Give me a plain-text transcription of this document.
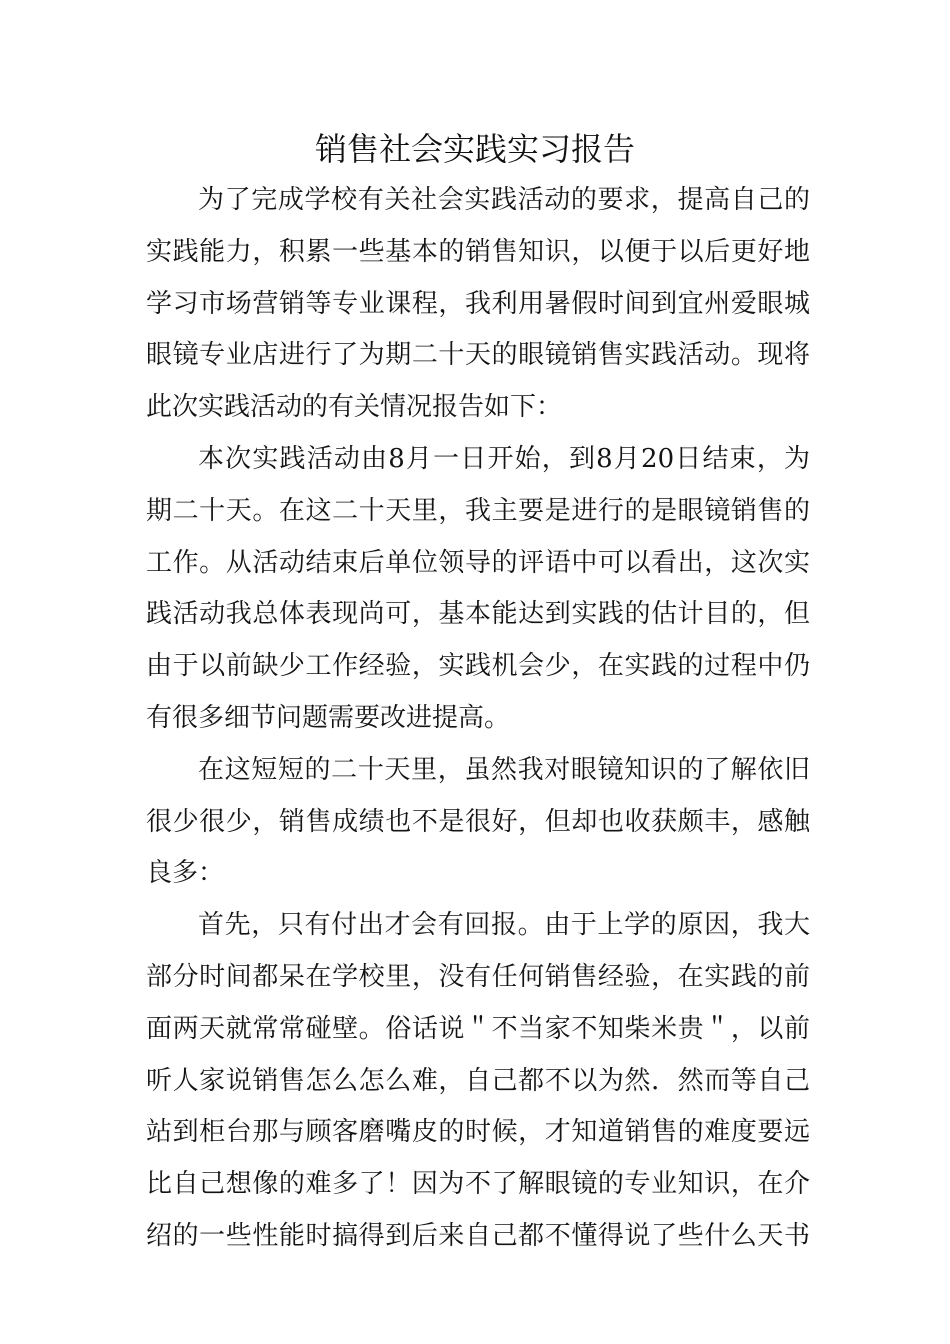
销售社会实践实习报告
为了完成学校有关社会实践活动的要求，提高自己的
实践能力，积累一些基本的销售知识，以便于以后更好地
学习市场营销等专业课程，我利用暑假时间到宜州爱眼城
眼镜专业店进行了为期二十天的眼镜销售实践活动。现将
此次实践活动的有关情况报告如下：
本次实践活动由8月一日开始，到8月20日结束，为
期二十天。在这二十天里，我主要是进行的是眼镜销售的
工作。从活动结束后单位领导的评语中可以看出，这次实
践活动我总体表现尚可，基本能达到实践的估计目的，但
由于以前缺少工作经验，实践机会少，在实践的过程中仍
有很多细节问题需要改进提高。
在这短短的二十天里，虽然我对眼镜知识的了解依旧
很少很少，销售成绩也不是很好，但却也收获颇丰，感触
良多：
首先，只有付出才会有回报。由于上学的原因，我大
部分时间都呆在学校里，没有任何销售经验，在实践的前
面两天就常常碰壁。俗话说＂不当家不知柴米贵＂，以前
听人家说销售怎么怎么难，自己都不以为然．然而等自己
站到柜台那与顾客磨嘴皮的时候，才知道销售的难度要远
比自己想像的难多了！因为不了解眼镜的专业知识，在介
绍的一些性能时搞得到后来自己都不懂得说了些什么天书
